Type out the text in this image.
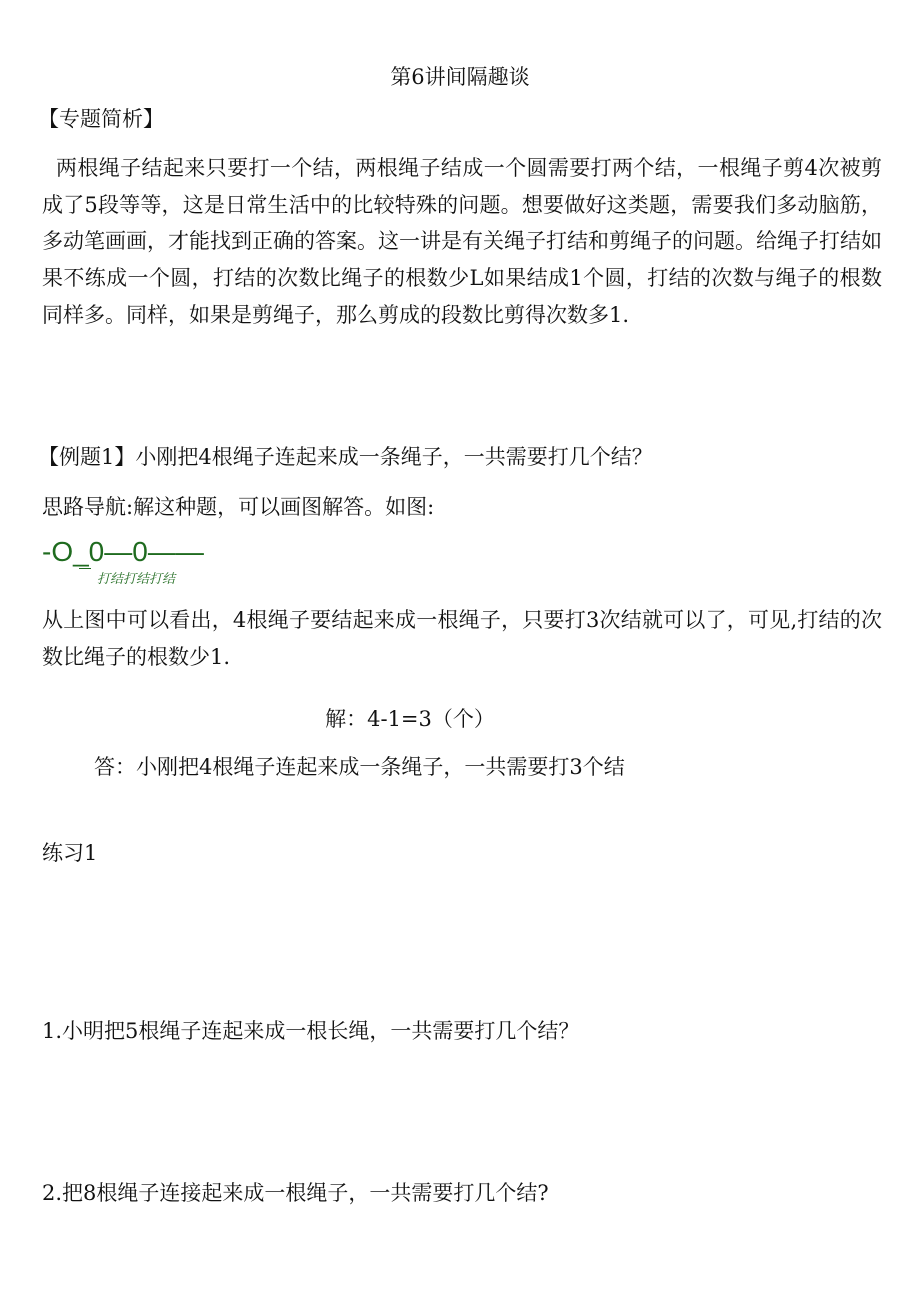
第6讲间隔趣谈
【专题简析】
两根绳子结起来只要打一个结，两根绳子结成一个圆需要打两个结，一根绳子剪4次被剪成了5段等等，这是日常生活中的比较特殊的问题。想要做好这类题，需要我们多动脑筋，多动笔画画，才能找到正确的答案。这一讲是有关绳子打结和剪绳子的问题。给绳子打结如果不练成一个圆，打结的次数比绳子的根数少L如果结成1个圆，打结的次数与绳子的根数同样多。同样，如果是剪绳子，那么剪成的段数比剪得次数多1.
【例题1】小刚把4根绳子连起来成一条绳子，一共需要打几个结？
思路导航:解这种题，可以画图解答。如图:
-O_0—0——
打结打结打结
从上图中可以看出，4根绳子要结起来成一根绳子，只要打3次结就可以了，可见,打结的次数比绳子的根数少1.
解：4-1=3（个）
答：小刚把4根绳子连起来成一条绳子，一共需要打3个结
练习1
1.小明把5根绳子连起来成一根长绳，一共需要打几个结？
2.把8根绳子连接起来成一根绳子，一共需要打几个结?
